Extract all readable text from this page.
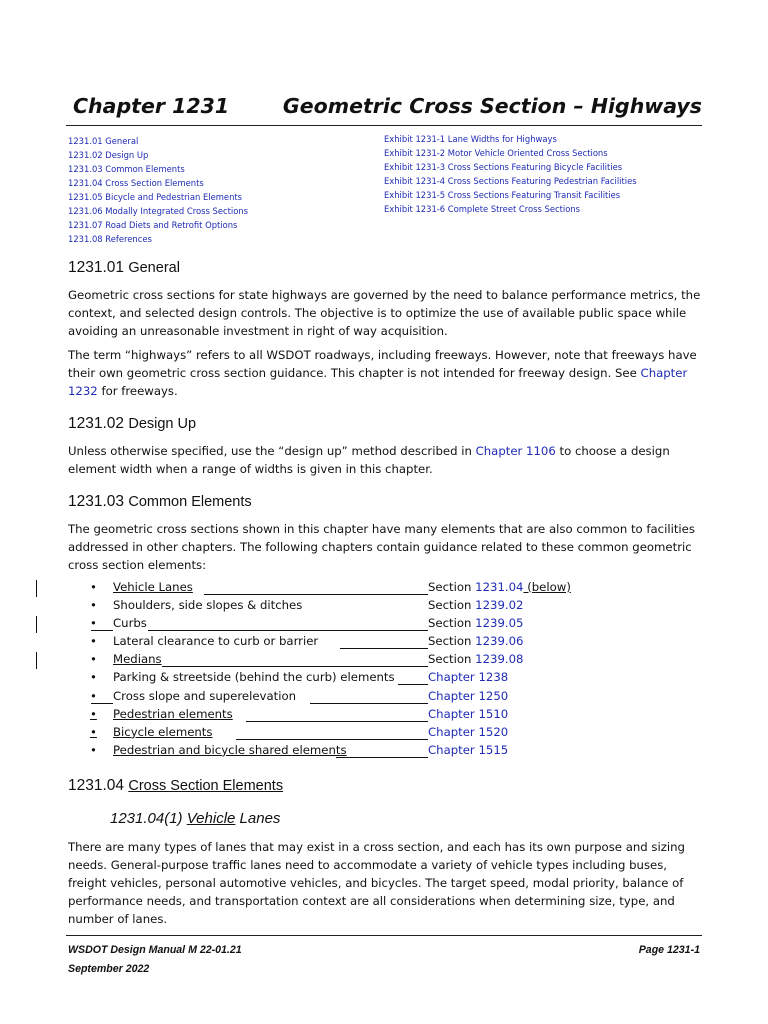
Chapter 1231	Geometric Cross Section – Highways
1231.01 General
1231.02 Design Up
1231.03 Common Elements
1231.04 Cross Section Elements
1231.05 Bicycle and Pedestrian Elements
1231.06 Modally Integrated Cross Sections
1231.07 Road Diets and Retrofit Options
1231.08 References
Exhibit 1231-1 Lane Widths for Highways
Exhibit 1231-2 Motor Vehicle Oriented Cross Sections
Exhibit 1231-3 Cross Sections Featuring Bicycle Facilities
Exhibit 1231-4 Cross Sections Featuring Pedestrian Facilities
Exhibit 1231-5 Cross Sections Featuring Transit Facilities
Exhibit 1231-6 Complete Street Cross Sections
1231.01 General
Geometric cross sections for state highways are governed by the need to balance performance metrics, the context, and selected design controls. The objective is to optimize the use of available public space while avoiding an unreasonable investment in right of way acquisition.
The term “highways” refers to all WSDOT roadways, including freeways. However, note that freeways have their own geometric cross section guidance. This chapter is not intended for freeway design. See Chapter 1232 for freeways.
1231.02 Design Up
Unless otherwise specified, use the “design up” method described in Chapter 1106 to choose a design element width when a range of widths is given in this chapter.
1231.03 Common Elements
The geometric cross sections shown in this chapter have many elements that are also common to facilities addressed in other chapters. The following chapters contain guidance related to these common geometric cross section elements:
• Vehicle Lanes	Section 1231.04 (below)
• Shoulders, side slopes & ditches	Section 1239.02
• Curbs	Section 1239.05
• Lateral clearance to curb or barrier	Section 1239.06
• Medians	Section 1239.08
• Parking & streetside (behind the curb) elements	Chapter 1238
• Cross slope and superelevation	Chapter 1250
• Pedestrian elements	Chapter 1510
• Bicycle elements	Chapter 1520
• Pedestrian and bicycle shared elements	Chapter 1515
1231.04 Cross Section Elements
1231.04(1) Vehicle Lanes
There are many types of lanes that may exist in a cross section, and each has its own purpose and sizing needs. General-purpose traffic lanes need to accommodate a variety of vehicle types including buses, freight vehicles, personal automotive vehicles, and bicycles. The target speed, modal priority, balance of performance needs, and transportation context are all considerations when determining size, type, and number of lanes.
WSDOT Design Manual M 22-01.21
September 2022
Page 1231-1
